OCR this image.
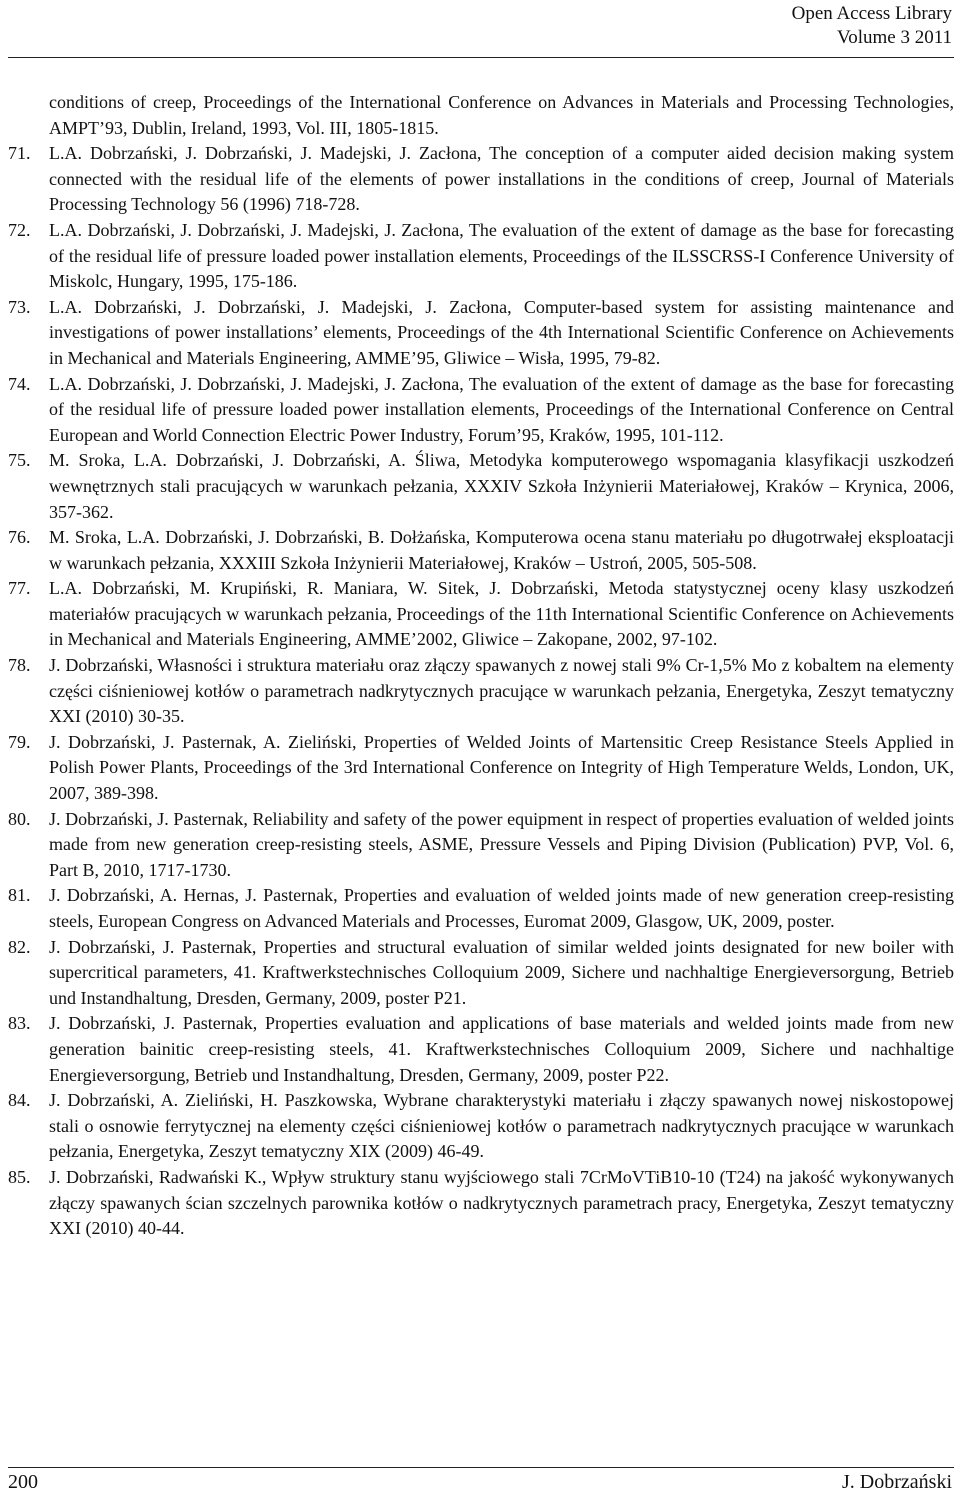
Open Access Library
Volume 3 2011
conditions of creep, Proceedings of the International Conference on Advances in Materials and Processing Technologies, AMPT’93, Dublin, Ireland, 1993, Vol. III, 1805-1815.
71. L.A. Dobrzański, J. Dobrzański, J. Madejski, J. Zacłona, The conception of a computer aided decision making system connected with the residual life of the elements of power installations in the conditions of creep, Journal of Materials Processing Technology 56 (1996) 718-728.
72. L.A. Dobrzański, J. Dobrzański, J. Madejski, J. Zacłona, The evaluation of the extent of damage as the base for forecasting of the residual life of pressure loaded power installation elements, Proceedings of the ILSSCRSS-I Conference University of Miskolc, Hungary, 1995, 175-186.
73. L.A. Dobrzański, J. Dobrzański, J. Madejski, J. Zacłona, Computer-based system for assisting maintenance and investigations of power installations’ elements, Proceedings of the 4th International Scientific Conference on Achievements in Mechanical and Materials Engineering, AMME’95, Gliwice – Wisła, 1995, 79-82.
74. L.A. Dobrzański, J. Dobrzański, J. Madejski, J. Zacłona, The evaluation of the extent of damage as the base for forecasting of the residual life of pressure loaded power installation elements, Proceedings of the International Conference on Central European and World Connection Electric Power Industry, Forum’95, Kraków, 1995, 101-112.
75. M. Sroka, L.A. Dobrzański, J. Dobrzański, A. Śliwa, Metodyka komputerowego wspomagania klasyfikacji uszkodzeń wewnętrznych stali pracujących w warunkach pełzania, XXXIV Szkoła Inżynierii Materiałowej, Kraków – Krynica, 2006, 357-362.
76. M. Sroka, L.A. Dobrzański, J. Dobrzański, B. Dołżańska, Komputerowa ocena stanu materiału po długotrwałej eksploatacji w warunkach pełzania, XXXIII Szkoła Inżynierii Materiałowej, Kraków – Ustroń, 2005, 505-508.
77. L.A. Dobrzański, M. Krupiński, R. Maniara, W. Sitek, J. Dobrzański, Metoda statystycznej oceny klasy uszkodzeń materiałów pracujących w warunkach pełzania, Proceedings of the 11th International Scientific Conference on Achievements in Mechanical and Materials Engineering, AMME’2002, Gliwice – Zakopane, 2002, 97-102.
78. J. Dobrzański, Własności i struktura materiału oraz złączy spawanych z nowej stali 9% Cr-1,5% Mo z kobaltem na elementy części ciśnieniowej kotłów o parametrach nadkrytycznych pracujące w warunkach pełzania, Energetyka, Zeszyt tematyczny XXI (2010) 30-35.
79. J. Dobrzański, J. Pasternak, A. Zieliński, Properties of Welded Joints of Martensitic Creep Resistance Steels Applied in Polish Power Plants, Proceedings of the 3rd International Conference on Integrity of High Temperature Welds, London, UK, 2007, 389-398.
80. J. Dobrzański, J. Pasternak, Reliability and safety of the power equipment in respect of properties evaluation of welded joints made from new generation creep-resisting steels, ASME, Pressure Vessels and Piping Division (Publication) PVP, Vol. 6, Part B, 2010, 1717-1730.
81. J. Dobrzański, A. Hernas, J. Pasternak, Properties and evaluation of welded joints made of new generation creep-resisting steels, European Congress on Advanced Materials and Processes, Euromat 2009, Glasgow, UK, 2009, poster.
82. J. Dobrzański, J. Pasternak, Properties and structural evaluation of similar welded joints designated for new boiler with supercritical parameters, 41. Kraftwerkstechnisches Colloquium 2009, Sichere und nachhaltige Energieversorgung, Betrieb und Instandhaltung, Dresden, Germany, 2009, poster P21.
83. J. Dobrzański, J. Pasternak, Properties evaluation and applications of base materials and welded joints made from new generation bainitic creep-resisting steels, 41. Kraftwerkstechnisches Colloquium 2009, Sichere und nachhaltige Energieversorgung, Betrieb und Instandhaltung, Dresden, Germany, 2009, poster P22.
84. J. Dobrzański, A. Zieliński, H. Paszkowska, Wybrane charakterystyki materiału i złączy spawanych nowej niskostopowej stali o osnowie ferrytycznej na elementy części ciśnieniowej kotłów o parametrach nadkrytycznych pracujące w warunkach pełzania, Energetyka, Zeszyt tematyczny XIX (2009) 46-49.
85. J. Dobrzański, Radwański K., Wpływ struktury stanu wyjściowego stali 7CrMoVTiB10-10 (T24) na jakość wykonywanych złączy spawanych ścian szczelnych parownika kotłów o nadkrytycznych parametrach pracy, Energetyka, Zeszyt tematyczny XXI (2010) 40-44.
200	J. Dobrzański
